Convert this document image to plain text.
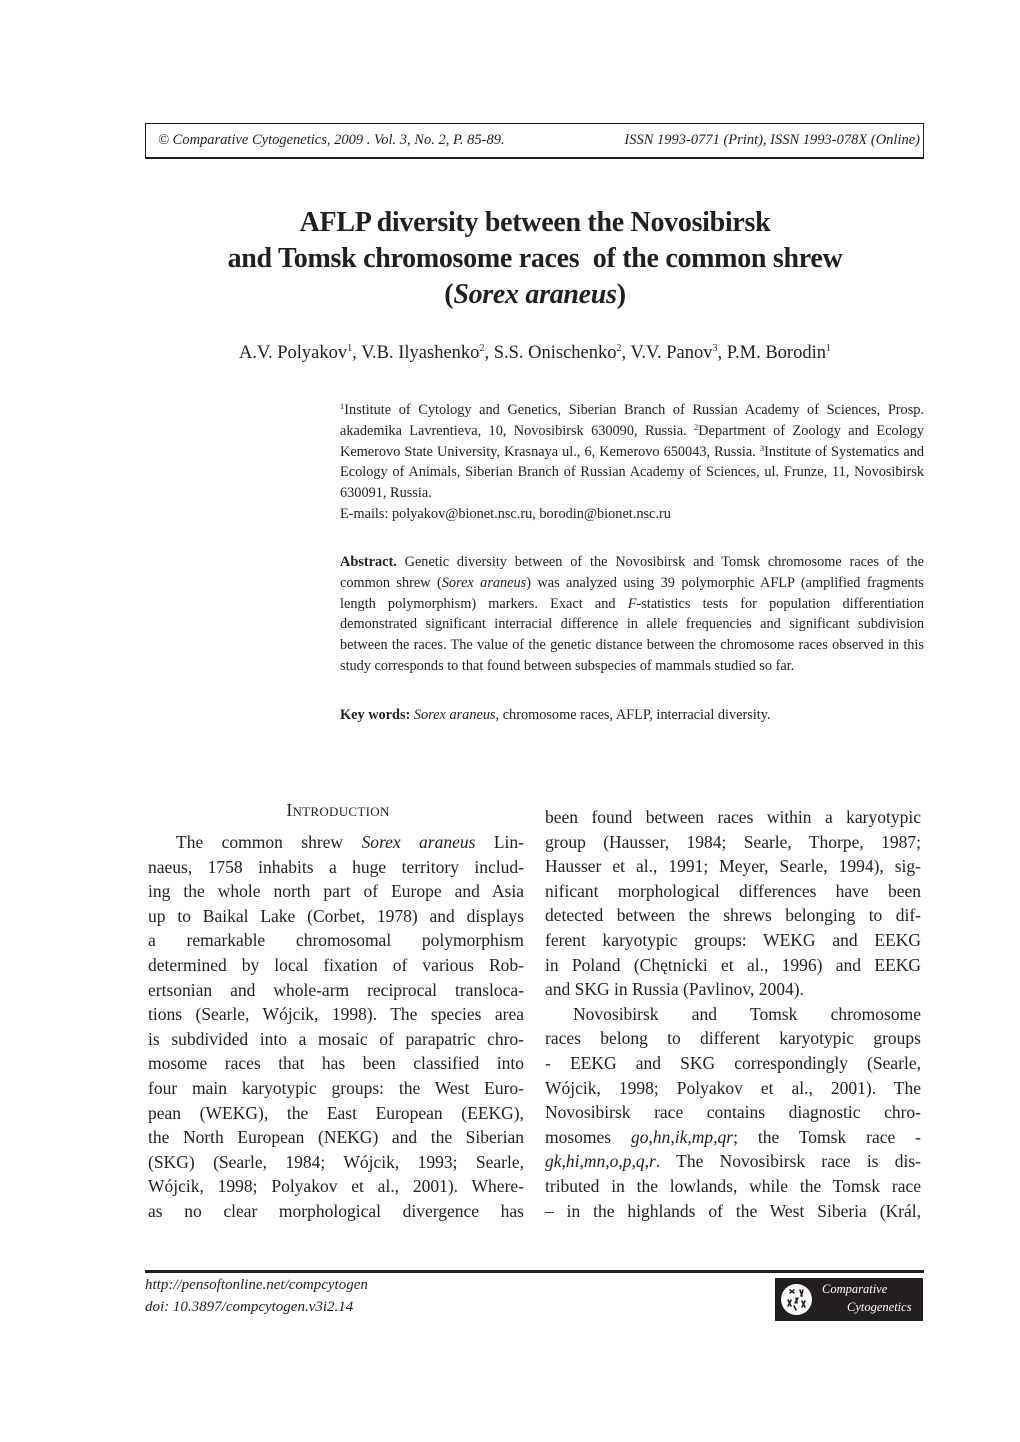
© Comparative Cytogenetics, 2009 . Vol. 3, No. 2, P. 85-89.	ISSN 1993-0771 (Print), ISSN 1993-078X (Online)
AFLP diversity between the Novosibirsk
and Tomsk chromosome races  of the common shrew
(Sorex araneus)
A.V. Polyakov$^1$, V.B. Ilyashenko$^2$, S.S. Onischenko$^2$, V.V. Panov$^3$, P.M. Borodin$^1$
$^1$Institute of Cytology and Genetics, Siberian Branch of Russian Academy of Sciences, Prosp. akademika Lavrentieva, 10, Novosibirsk 630090, Russia. $^2$Department of Zoology and Ecology Kemerovo State University, Krasnaya ul., 6, Kemerovo 650043, Russia. $^3$Institute of Systematics and Ecology of Animals, Siberian Branch of Russian Academy of Sciences, ul. Frunze, 11, Novosibirsk 630091, Russia.
E-mails: polyakov@bionet.nsc.ru, borodin@bionet.nsc.ru
Abstract. Genetic diversity between of the Novosibirsk and Tomsk chromosome races of the common shrew (Sorex araneus) was analyzed using 39 polymorphic AFLP (amplified fragments length polymorphism) markers. Exact and F-statistics tests for population differentiation demonstrated significant interracial difference in allele frequencies and significant subdivision between the races. The value of the genetic distance between the chromosome races observed in this study corresponds to that found between subspecies of mammals studied so far.
Key words: Sorex araneus, chromosome races, AFLP, interracial diversity.
INTRODUCTION
The common shrew Sorex araneus Lin-
naeus, 1758 inhabits a huge territory includ-
ing the whole north part of Europe and Asia
up to Baikal Lake (Corbet, 1978) and displays
a remarkable chromosomal polymorphism
determined by local fixation of various Rob-
ertsonian and whole-arm reciprocal transloca-
tions (Searle, Wójcik, 1998). The species area
is subdivided into a mosaic of parapatric chro-
mosome races that has been classified into
four main karyotypic groups: the West Euro-
pean (WEKG), the East European (EEKG),
the North European (NEKG) and the Siberian
(SKG) (Searle, 1984; Wójcik, 1993; Searle,
Wójcik, 1998; Polyakov et al., 2001). Where-
as no clear morphological divergence has
been found between races within a karyotypic
group (Hausser, 1984; Searle, Thorpe, 1987;
Hausser et al., 1991; Meyer, Searle, 1994), sig-
nificant morphological differences have been
detected between the shrews belonging to dif-
ferent karyotypic groups: WEKG and EEKG
in Poland (Chętnicki et al., 1996) and EEKG
and SKG in Russia (Pavlinov, 2004).
Novosibirsk and Tomsk chromosome
races belong to different karyotypic groups
- EEKG and SKG correspondingly (Searle,
Wójcik, 1998; Polyakov et al., 2001). The
Novosibirsk race contains diagnostic chro-
mosomes go,hn,ik,mp,qr; the Tomsk race -
gk,hi,mn,o,p,q,r. The Novosibirsk race is dis-
tributed in the lowlands, while the Tomsk race
– in the highlands of the West Siberia (Král,
http://pensoftonline.net/compcytogen
doi: 10.3897/compcytogen.v3i2.14
Comparative
Cytogenetics
